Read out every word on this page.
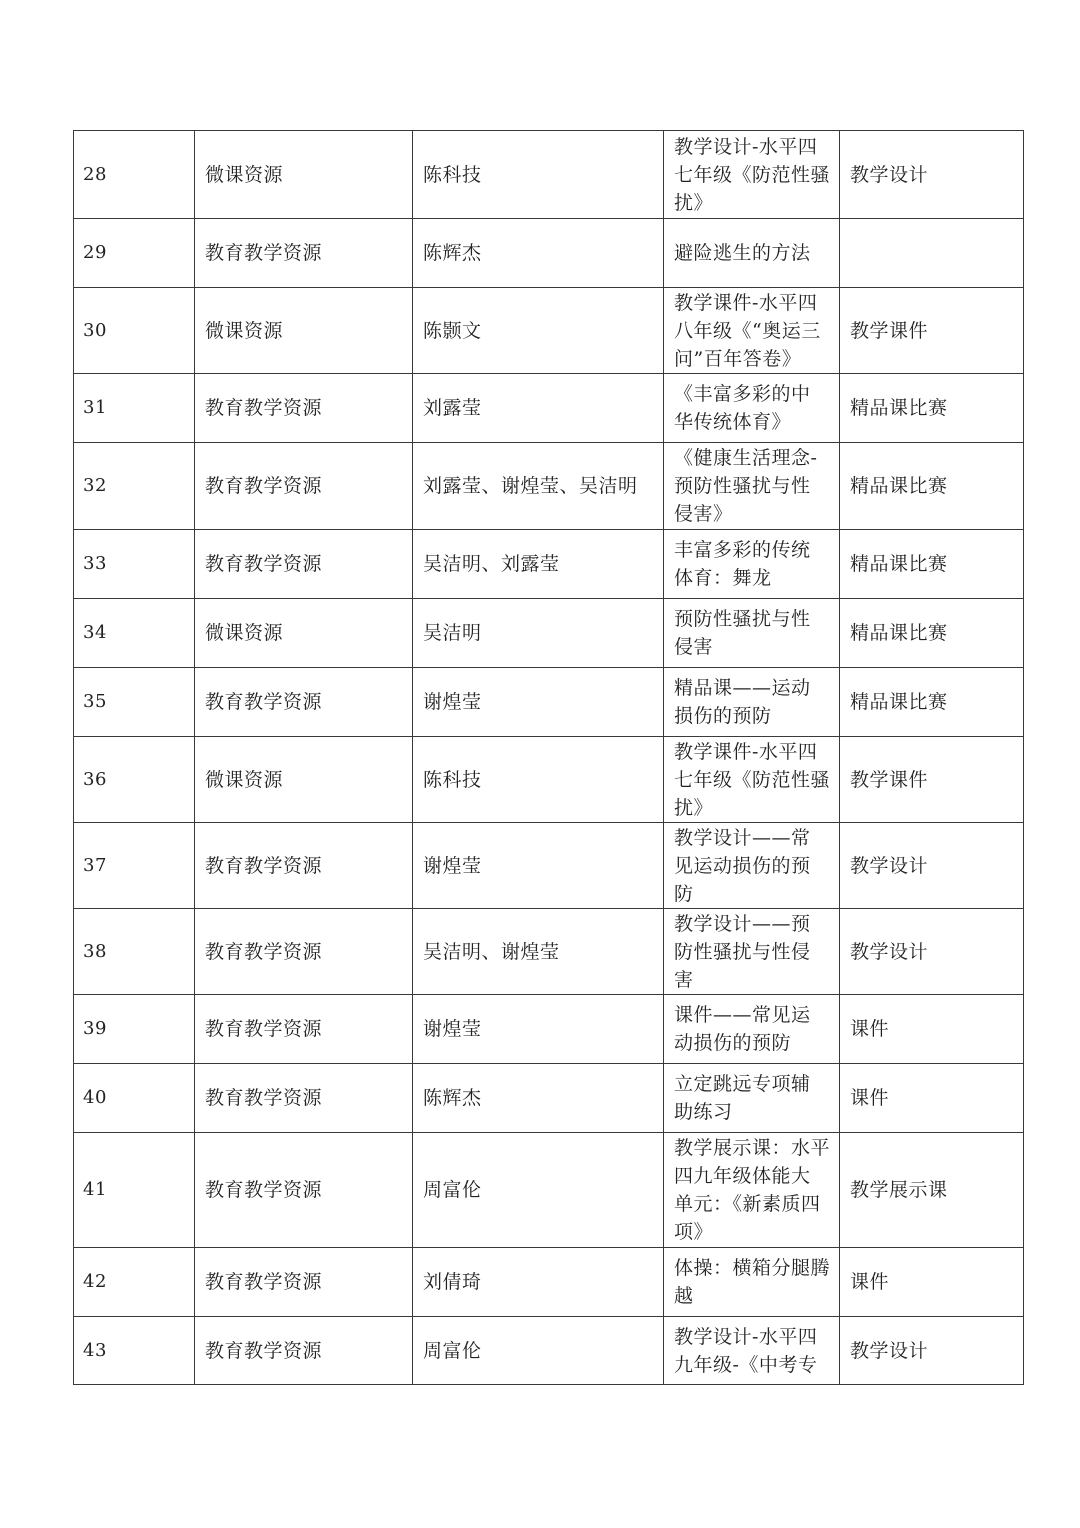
28	微课资源	陈科技	教学设计-水平四
七年级《防范性骚
扰》	教学设计
29	教育教学资源	陈辉杰	避险逃生的方法	
30	微课资源	陈颢文	教学课件-水平四
八年级《“奥运三
问”百年答卷》	教学课件
31	教育教学资源	刘露莹	《丰富多彩的中
华传统体育》	精品课比赛
32	教育教学资源	刘露莹、谢煌莹、吴洁明	《健康生活理念-
预防性骚扰与性
侵害》	精品课比赛
33	教育教学资源	吴洁明、刘露莹	丰富多彩的传统
体育：舞龙	精品课比赛
34	微课资源	吴洁明	预防性骚扰与性
侵害	精品课比赛
35	教育教学资源	谢煌莹	精品课——运动
损伤的预防	精品课比赛
36	微课资源	陈科技	教学课件-水平四
七年级《防范性骚
扰》	教学课件
37	教育教学资源	谢煌莹	教学设计——常
见运动损伤的预
防	教学设计
38	教育教学资源	吴洁明、谢煌莹	教学设计——预
防性骚扰与性侵
害	教学设计
39	教育教学资源	谢煌莹	课件——常见运
动损伤的预防	课件
40	教育教学资源	陈辉杰	立定跳远专项辅
助练习	课件
41	教育教学资源	周富伦	教学展示课：水平
四九年级体能大
单元：《新素质四
项》	教学展示课
42	教育教学资源	刘倩琦	体操：横箱分腿腾
越	课件
43	教育教学资源	周富伦	教学设计-水平四
九年级-《中考专	教学设计
